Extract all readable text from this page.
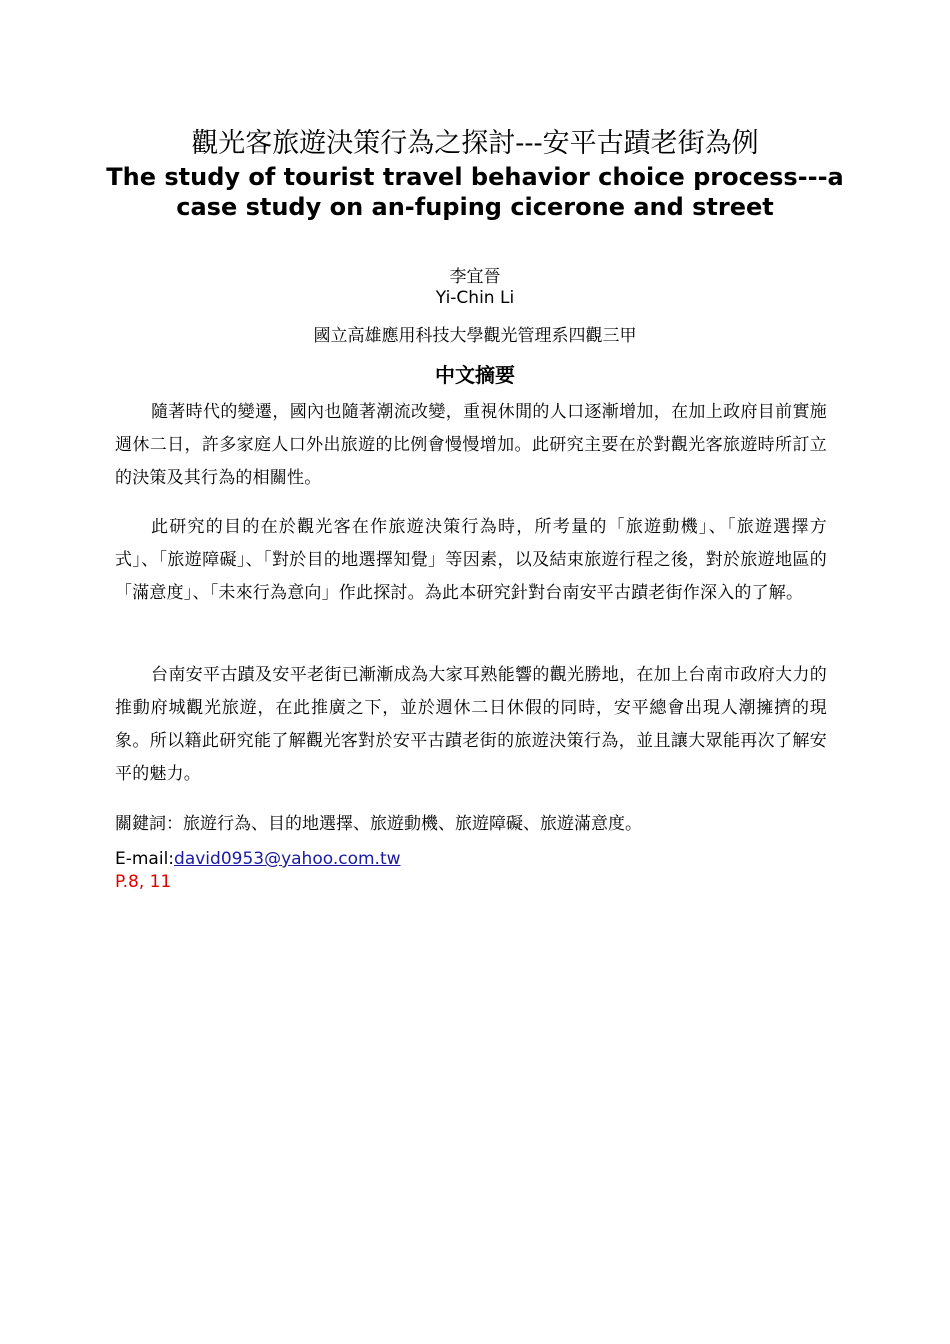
觀光客旅遊決策行為之探討---安平古蹟老街為例
The study of tourist travel behavior choice process---a case study on an-fuping cicerone and street
李宜晉
Yi-Chin Li
國立高雄應用科技大學觀光管理系四觀三甲
中文摘要

隨著時代的變遷，國內也隨著潮流改變，重視休閒的人口逐漸增加，在加上政府目前實施週休二日，許多家庭人口外出旅遊的比例會慢慢增加。此研究主要在於對觀光客旅遊時所訂立的決策及其行為的相關性。

此研究的目的在於觀光客在作旅遊決策行為時，所考量的「旅遊動機」、「旅遊選擇方式」、「旅遊障礙」、「對於目的地選擇知覺」等因素，以及結束旅遊行程之後，對於旅遊地區的「滿意度」、「未來行為意向」作此探討。為此本研究針對台南安平古蹟老街作深入的了解。

台南安平古蹟及安平老街已漸漸成為大家耳熟能響的觀光勝地，在加上台南市政府大力的推動府城觀光旅遊，在此推廣之下，並於週休二日休假的同時，安平總會出現人潮擁擠的現象。所以籍此研究能了解觀光客對於安平古蹟老街的旅遊決策行為，並且讓大眾能再次了解安平的魅力。

關鍵詞：旅遊行為、目的地選擇、旅遊動機、旅遊障礙、旅遊滿意度。
E-mail:david0953@yahoo.com.tw
P.8, 11
